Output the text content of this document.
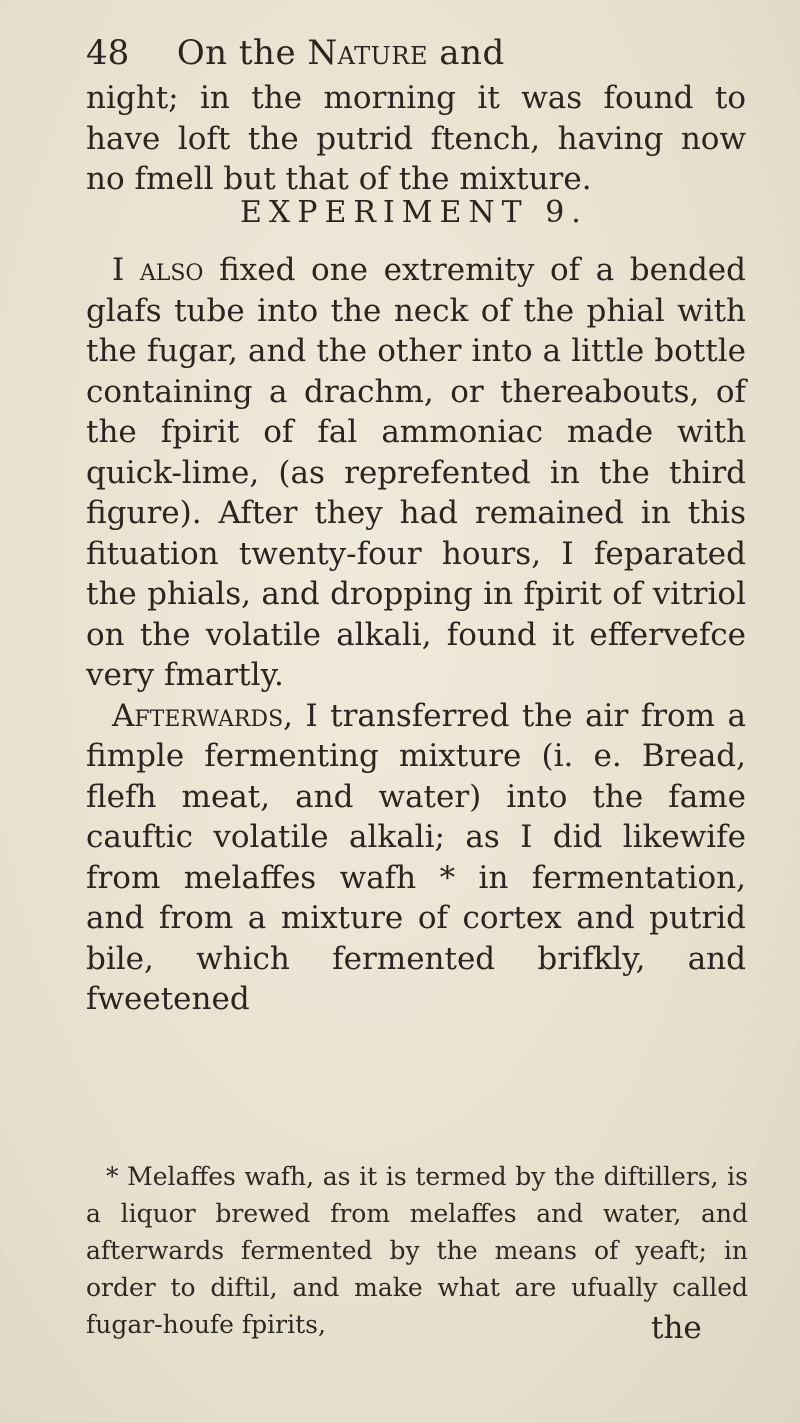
48 On the Nature and

night; in the morning it was found to have loft the putrid ftench, having now no fmell but that of the mixture.

EXPERIMENT 9.

I also fixed one extremity of a bended glafs tube into the neck of the phial with the fugar, and the other into a little bottle containing a drachm, or thereabouts, of the fpirit of fal ammoniac made with quick-lime, (as reprefented in the third figure). After they had remained in this fituation twenty-four hours, I feparated the phials, and dropping in fpirit of vitriol on the volatile alkali, found it effervefce very fmartly.

Afterwards, I transferred the air from a fimple fermenting mixture (i. e. Bread, flefh meat, and water) into the fame cauftic volatile alkali; as I did likewife from melaffes wafh * in fermentation, and from a mixture of cortex and putrid bile, which fermented brifkly, and fweetened

* Melaffes wafh, as it is termed by the diftillers, is a liquor brewed from melaffes and water, and afterwards fermented by the means of yeaft; in order to diftil, and make what are ufually called fugar-houfe fpirits,	the
